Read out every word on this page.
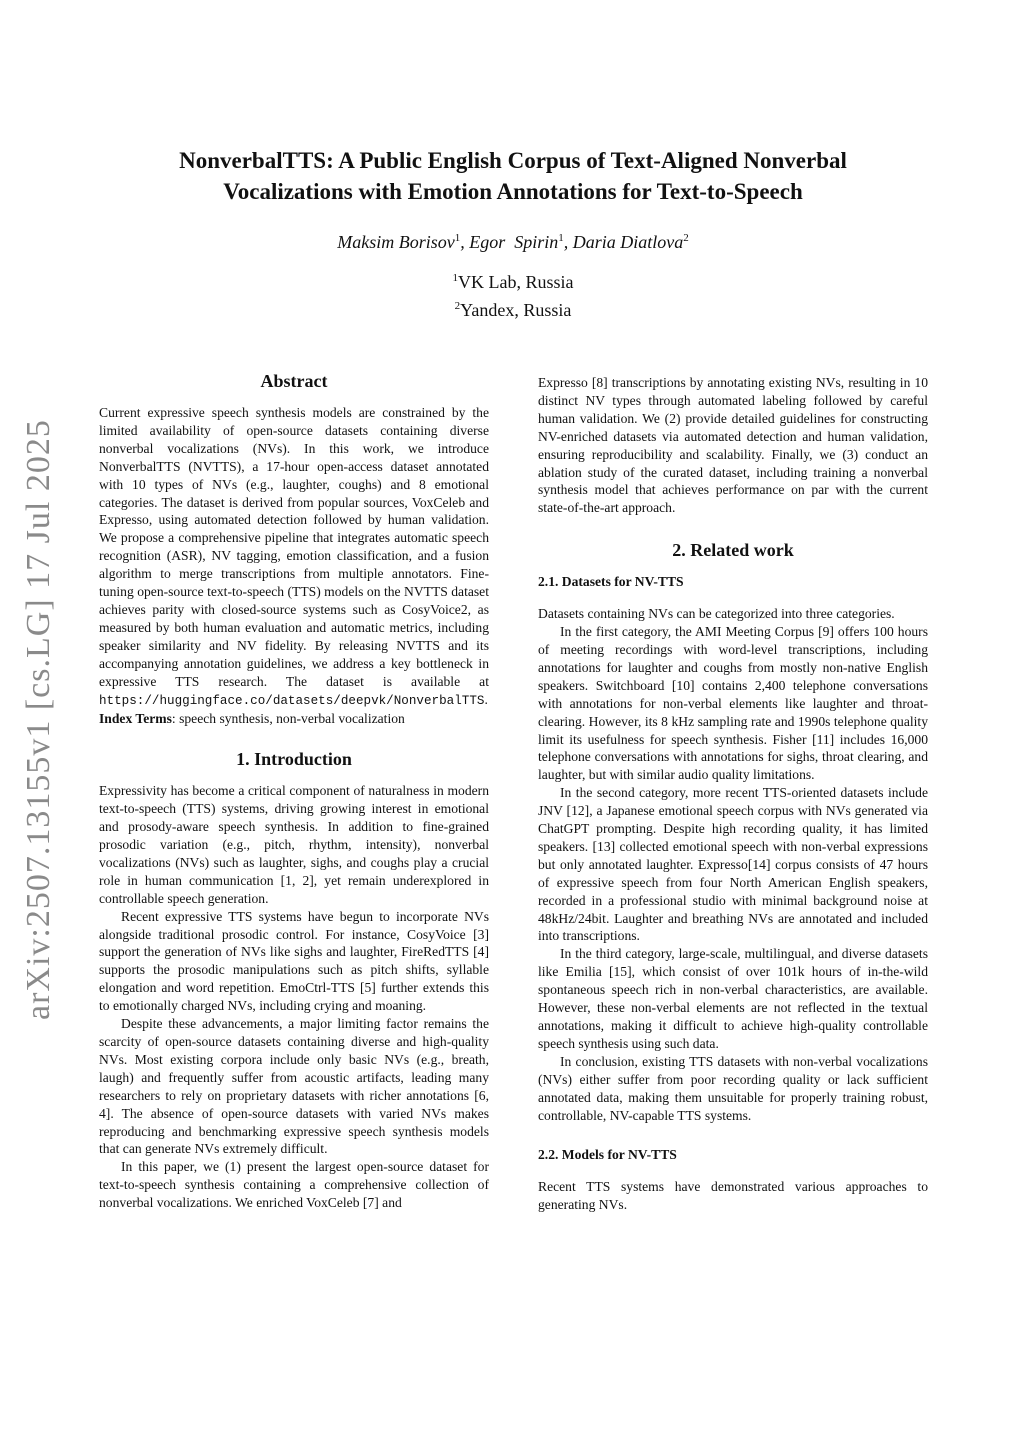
arXiv:2507.13155v1 [cs.LG] 17 Jul 2025
NonverbalTTS: A Public English Corpus of Text-Aligned Nonverbal
Vocalizations with Emotion Annotations for Text-to-Speech
Maksim Borisov$^1$, Egor  Spirin$^1$, Daria Diatlova$^2$
$^1$VK Lab, Russia
$^2$Yandex, Russia
Abstract

Current expressive speech synthesis models are constrained by the limited availability of open-source datasets containing diverse nonverbal vocalizations (NVs). In this work, we introduce NonverbalTTS (NVTTS), a 17-hour open-access dataset annotated with 10 types of NVs (e.g., laughter, coughs) and 8 emotional categories. The dataset is derived from popular sources, VoxCeleb and Expresso, using automated detection followed by human validation. We propose a comprehensive pipeline that integrates automatic speech recognition (ASR), NV tagging, emotion classification, and a fusion algorithm to merge transcriptions from multiple annotators. Fine-tuning open-source text-to-speech (TTS) models on the NVTTS dataset achieves parity with closed-source systems such as CosyVoice2, as measured by both human evaluation and automatic metrics, including speaker similarity and NV fidelity. By releasing NVTTS and its accompanying annotation guidelines, we address a key bottleneck in expressive TTS research. The dataset is available at https://huggingface.co/datasets/deepvk/NonverbalTTS.

Index Terms: speech synthesis, non-verbal vocalization

1. Introduction

Expressivity has become a critical component of naturalness in modern text-to-speech (TTS) systems, driving growing interest in emotional and prosody-aware speech synthesis. In addition to fine-grained prosodic variation (e.g., pitch, rhythm, intensity), nonverbal vocalizations (NVs) such as laughter, sighs, and coughs play a crucial role in human communication [1, 2], yet remain underexplored in controllable speech generation.

Recent expressive TTS systems have begun to incorporate NVs alongside traditional prosodic control. For instance, CosyVoice [3] support the generation of NVs like sighs and laughter, FireRedTTS [4] supports the prosodic manipulations such as pitch shifts, syllable elongation and word repetition. EmoCtrl-TTS [5] further extends this to emotionally charged NVs, including crying and moaning.

Despite these advancements, a major limiting factor remains the scarcity of open-source datasets containing diverse and high-quality NVs. Most existing corpora include only basic NVs (e.g., breath, laugh) and frequently suffer from acoustic artifacts, leading many researchers to rely on proprietary datasets with richer annotations [6, 4]. The absence of open-source datasets with varied NVs makes reproducing and benchmarking expressive speech synthesis models that can generate NVs extremely difficult.

In this paper, we (1) present the largest open-source dataset for text-to-speech synthesis containing a comprehensive collection of nonverbal vocalizations. We enriched VoxCeleb [7] and

Expresso [8] transcriptions by annotating existing NVs, resulting in 10 distinct NV types through automated labeling followed by careful human validation. We (2) provide detailed guidelines for constructing NV-enriched datasets via automated detection and human validation, ensuring reproducibility and scalability. Finally, we (3) conduct an ablation study of the curated dataset, including training a nonverbal synthesis model that achieves performance on par with the current state-of-the-art approach.

2. Related work
2.1. Datasets for NV-TTS

Datasets containing NVs can be categorized into three categories.

In the first category, the AMI Meeting Corpus [9] offers 100 hours of meeting recordings with word-level transcriptions, including annotations for laughter and coughs from mostly non-native English speakers. Switchboard [10] contains 2,400 telephone conversations with annotations for non-verbal elements like laughter and throat-clearing. However, its 8 kHz sampling rate and 1990s telephone quality limit its usefulness for speech synthesis. Fisher [11] includes 16,000 telephone conversations with annotations for sighs, throat clearing, and laughter, but with similar audio quality limitations.

In the second category, more recent TTS-oriented datasets include JNV [12], a Japanese emotional speech corpus with NVs generated via ChatGPT prompting. Despite high recording quality, it has limited speakers. [13] collected emotional speech with non-verbal expressions but only annotated laughter. Expresso[14] corpus consists of 47 hours of expressive speech from four North American English speakers, recorded in a professional studio with minimal background noise at 48kHz/24bit. Laughter and breathing NVs are annotated and included into transcriptions.

In the third category, large-scale, multilingual, and diverse datasets like Emilia [15], which consist of over 101k hours of in-the-wild spontaneous speech rich in non-verbal characteristics, are available. However, these non-verbal elements are not reflected in the textual annotations, making it difficult to achieve high-quality controllable speech synthesis using such data.

In conclusion, existing TTS datasets with non-verbal vocalizations (NVs) either suffer from poor recording quality or lack sufficient annotated data, making them unsuitable for properly training robust, controllable, NV-capable TTS systems.

2.2. Models for NV-TTS

Recent TTS systems have demonstrated various approaches to generating NVs.
